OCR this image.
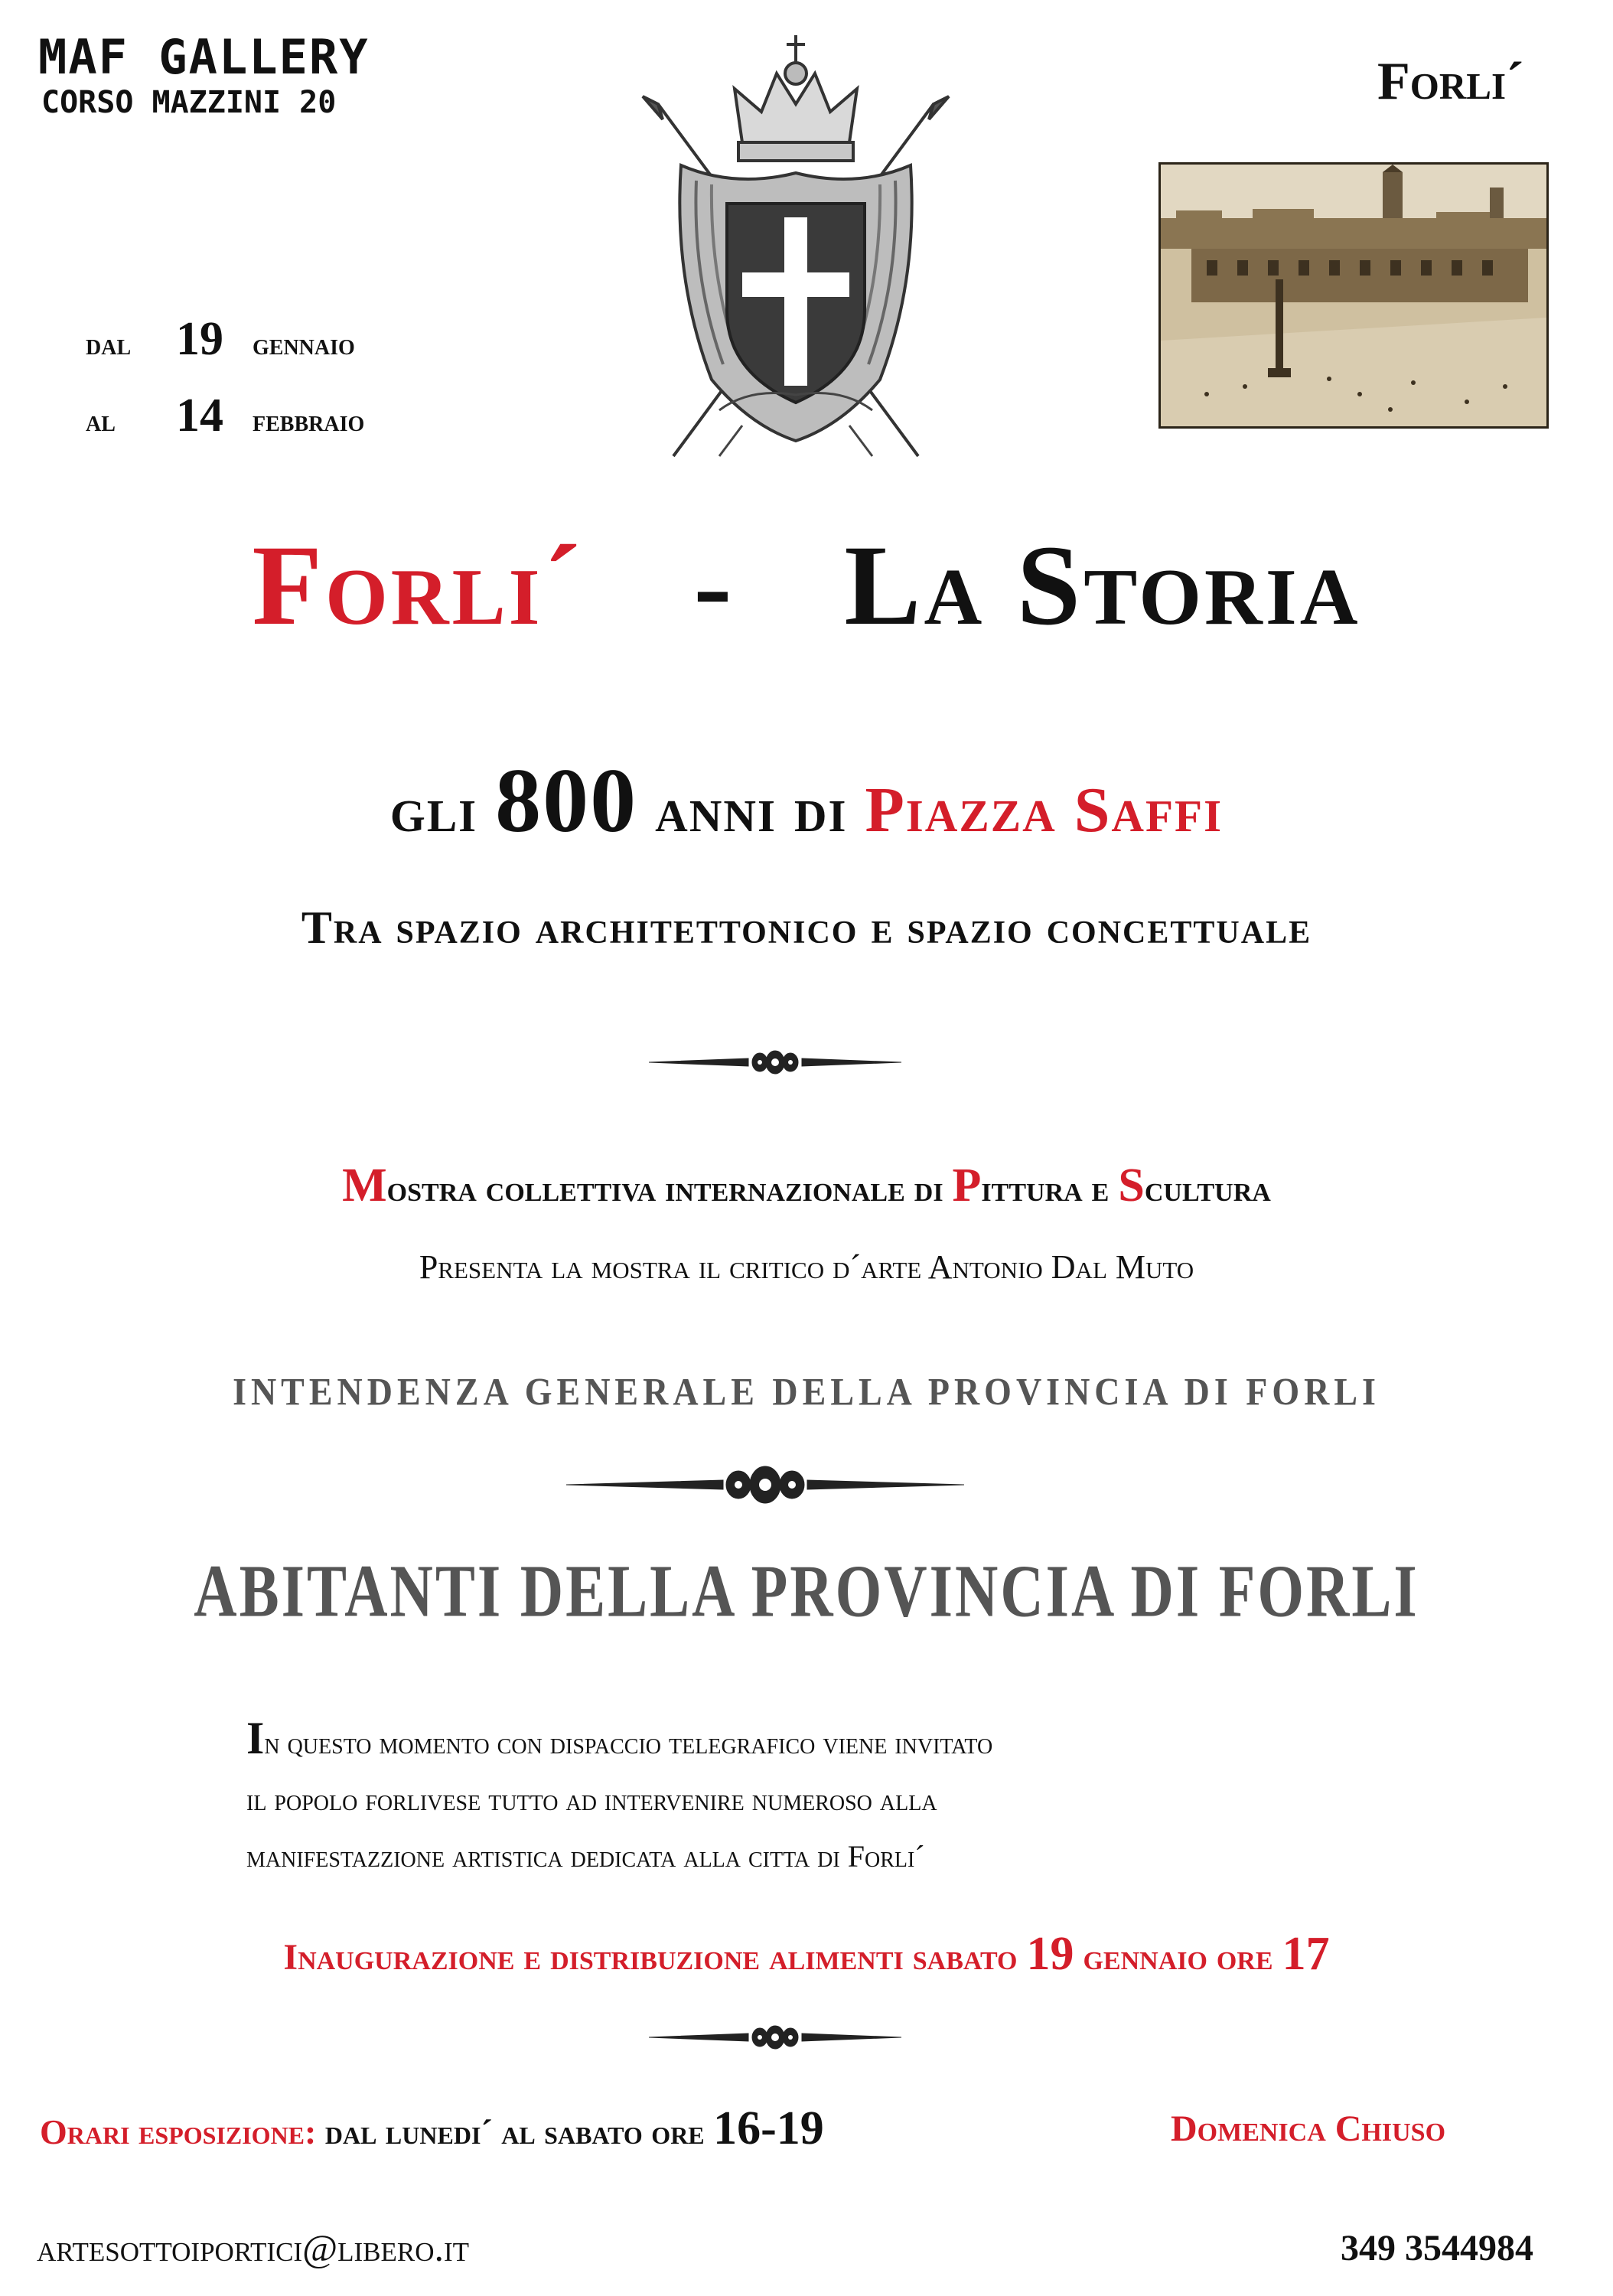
MAF GALLERY
CORSO MAZZINI 20	Forli´
dal 19 gennaio
al 14 febbraio
Forli´ - La Storia
gli 800 anni di Piazza Saffi
Tra spazio architettonico e spazio concettuale
Mostra collettiva internazionale di Pittura e Scultura
Presenta la mostra il critico d´arte Antonio Dal Muto
INTENDENZA GENERALE DELLA PROVINCIA DI FORLI
ABITANTI DELLA PROVINCIA DI FORLI
In questo momento con dispaccio telegrafico viene invitato
il popolo forlivese tutto ad intervenire numeroso alla
manifestazzione artistica dedicata alla citta di Forli´
Inaugurazione e distribuzione alimenti sabato 19 gennaio ore 17
Orari esposizione: dal lunedi´ al sabato ore 16-19	Domenica Chiuso
artesottoiportici@libero.it	349 3544984
